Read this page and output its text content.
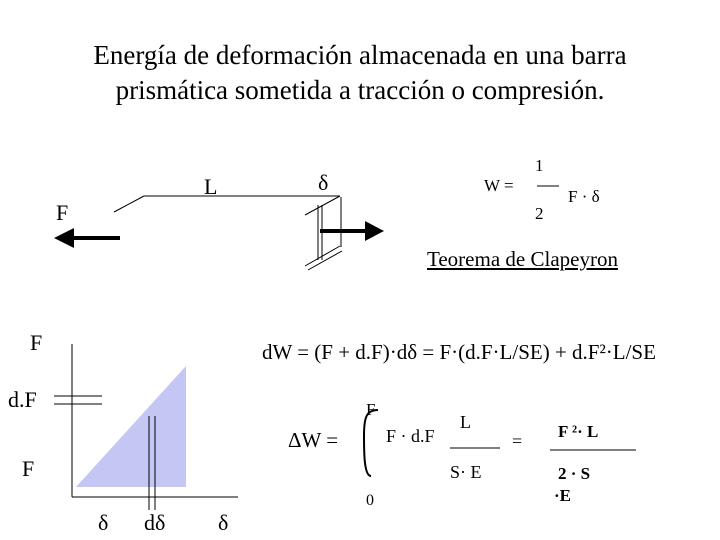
Energía de deformación almacenada en una barra
prismática sometida a tracción o compresión.
L
F
δ	W =
1
2
F · δ
Teorema de Clapeyron
F
d.F
F
δ dδ δ
dW = (F + d.F)·dδ = F·(d.F·L/SE) + d.F²·L/SE
ΔW =
F
0
F · d.F
L
S· E
= F ²· L
2 · S
·E
